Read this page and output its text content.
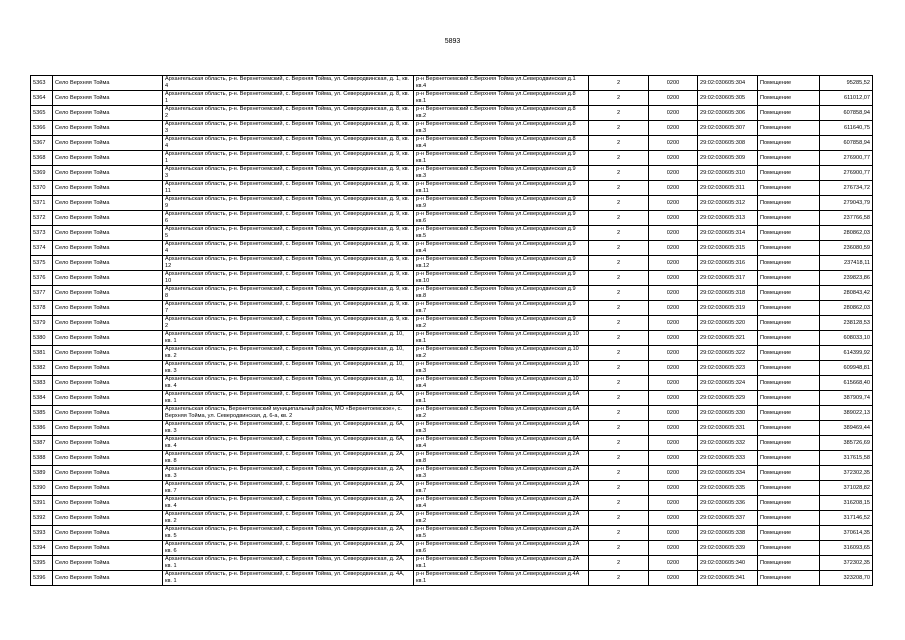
5893
5363	Село Верхняя Тойма	Архангельская область, р-н. Верхнетоемский, с. Верхняя Тойма, ул. Северодвинская, д. 1, кв. 4	р-н Верхнетоемский с.Верхняя Тойма ул.Северодвинская д.1 кв.4	2	0200	29:02:030605:304	Помещение	95285,52
5364	Село Верхняя Тойма	Архангельская область, р-н. Верхнетоемский, с. Верхняя Тойма, ул. Северодвинская, д. 8, кв. 1	р-н Верхнетоемский с.Верхняя Тойма ул.Северодвинская д.8 кв.1	2	0200	29:02:030605:305	Помещение	611012,07
5365	Село Верхняя Тойма	Архангельская область, р-н. Верхнетоемский, с. Верхняя Тойма, ул. Северодвинская, д. 8, кв. 2	р-н Верхнетоемский с.Верхняя Тойма ул.Северодвинская д.8 кв.2	2	0200	29:02:030605:306	Помещение	607858,94
5366	Село Верхняя Тойма	Архангельская область, р-н. Верхнетоемский, с. Верхняя Тойма, ул. Северодвинская, д. 8, кв. 3	р-н Верхнетоемский с.Верхняя Тойма ул.Северодвинская д.8 кв.3	2	0200	29:02:030605:307	Помещение	611640,75
5367	Село Верхняя Тойма	Архангельская область, р-н. Верхнетоемский, с. Верхняя Тойма, ул. Северодвинская, д. 8, кв. 4	р-н Верхнетоемский с.Верхняя Тойма ул.Северодвинская д.8 кв.4	2	0200	29:02:030605:308	Помещение	607858,94
5368	Село Верхняя Тойма	Архангельская область, р-н. Верхнетоемский, с. Верхняя Тойма, ул. Северодвинская, д. 9, кв. 1	р-н Верхнетоемский с.Верхняя Тойма ул.Северодвинская д.9 кв.1	2	0200	29:02:030605:309	Помещение	276900,77
5369	Село Верхняя Тойма	Архангельская область, р-н. Верхнетоемский, с. Верхняя Тойма, ул. Северодвинская, д. 9, кв. 3	р-н Верхнетоемский с.Верхняя Тойма ул.Северодвинская д.9 кв.3	2	0200	29:02:030605:310	Помещение	276900,77
5370	Село Верхняя Тойма	Архангельская область, р-н. Верхнетоемский, с. Верхняя Тойма, ул. Северодвинская, д. 9, кв. 11	р-н Верхнетоемский с.Верхняя Тойма ул.Северодвинская д.9 кв.11	2	0200	29:02:030605:311	Помещение	276734,72
5371	Село Верхняя Тойма	Архангельская область, р-н. Верхнетоемский, с. Верхняя Тойма, ул. Северодвинская, д. 9, кв. 9	р-н Верхнетоемский с.Верхняя Тойма ул.Северодвинская д.9 кв.9	2	0200	29:02:030605:312	Помещение	279043,79
5372	Село Верхняя Тойма	Архангельская область, р-н. Верхнетоемский, с. Верхняя Тойма, ул. Северодвинская, д. 9, кв. 6	р-н Верхнетоемский с.Верхняя Тойма ул.Северодвинская д.9 кв.6	2	0200	29:02:030605:313	Помещение	237766,58
5373	Село Верхняя Тойма	Архангельская область, р-н. Верхнетоемский, с. Верхняя Тойма, ул. Северодвинская, д. 9, кв. 5	р-н Верхнетоемский с.Верхняя Тойма ул.Северодвинская д.9 кв.5	2	0200	29:02:030605:314	Помещение	280862,03
5374	Село Верхняя Тойма	Архангельская область, р-н. Верхнетоемский, с. Верхняя Тойма, ул. Северодвинская, д. 9, кв. 4	р-н Верхнетоемский с.Верхняя Тойма ул.Северодвинская д.9 кв.4	2	0200	29:02:030605:315	Помещение	236080,59
5375	Село Верхняя Тойма	Архангельская область, р-н. Верхнетоемский, с. Верхняя Тойма, ул. Северодвинская, д. 9, кв. 12	р-н Верхнетоемский с.Верхняя Тойма ул.Северодвинская д.9 кв.12	2	0200	29:02:030605:316	Помещение	237418,11
5376	Село Верхняя Тойма	Архангельская область, р-н. Верхнетоемский, с. Верхняя Тойма, ул. Северодвинская, д. 9, кв. 10	р-н Верхнетоемский с.Верхняя Тойма ул.Северодвинская д.9 кв.10	2	0200	29:02:030605:317	Помещение	239823,86
5377	Село Верхняя Тойма	Архангельская область, р-н. Верхнетоемский, с. Верхняя Тойма, ул. Северодвинская, д. 9, кв. 8	р-н Верхнетоемский с.Верхняя Тойма ул.Северодвинская д.9 кв.8	2	0200	29:02:030605:318	Помещение	280843,42
5378	Село Верхняя Тойма	Архангельская область, р-н. Верхнетоемский, с. Верхняя Тойма, ул. Северодвинская, д. 9, кв. 7	р-н Верхнетоемский с.Верхняя Тойма ул.Северодвинская д.9 кв.7	2	0200	29:02:030605:319	Помещение	280862,03
5379	Село Верхняя Тойма	Архангельская область, р-н. Верхнетоемский, с. Верхняя Тойма, ул. Северодвинская, д. 9, кв. 2	р-н Верхнетоемский с.Верхняя Тойма ул.Северодвинская д.9 кв.2	2	0200	29:02:030605:320	Помещение	238128,53
5380	Село Верхняя Тойма	Архангельская область, р-н. Верхнетоемский, с. Верхняя Тойма, ул. Северодвинская, д. 10, кв. 1	р-н Верхнетоемский с.Верхняя Тойма ул.Северодвинская д.10 кв.1	2	0200	29:02:030605:321	Помещение	608033,10
5381	Село Верхняя Тойма	Архангельская область, р-н. Верхнетоемский, с. Верхняя Тойма, ул. Северодвинская, д. 10, кв. 2	р-н Верхнетоемский с.Верхняя Тойма ул.Северодвинская д.10 кв.2	2	0200	29:02:030605:322	Помещение	614399,92
5382	Село Верхняя Тойма	Архангельская область, р-н. Верхнетоемский, с. Верхняя Тойма, ул. Северодвинская, д. 10, кв. 3	р-н Верхнетоемский с.Верхняя Тойма ул.Северодвинская д.10 кв.3	2	0200	29:02:030605:323	Помещение	609948,81
5383	Село Верхняя Тойма	Архангельская область, р-н. Верхнетоемский, с. Верхняя Тойма, ул. Северодвинская, д. 10, кв. 4	р-н Верхнетоемский с.Верхняя Тойма ул.Северодвинская д.10 кв.4	2	0200	29:02:030605:324	Помещение	615668,40
5384	Село Верхняя Тойма	Архангельская область, р-н. Верхнетоемский, с. Верхняя Тойма, ул. Северодвинская, д. 6А, кв. 1	р-н Верхнетоемский с.Верхняя Тойма ул.Северодвинская д.6А кв.1	2	0200	29:02:030605:329	Помещение	387909,74
5385	Село Верхняя Тойма	Архангельская область, Верхнетоемский муниципальный район, МО «Верхнетоемское», с. Верхняя Тойма, ул. Северодвинская, д. 6-а, кв. 2	р-н Верхнетоемский с.Верхняя Тойма ул.Северодвинская д.6А кв.2	2	0200	29:02:030605:330	Помещение	389022,13
5386	Село Верхняя Тойма	Архангельская область, р-н. Верхнетоемский, с. Верхняя Тойма, ул. Северодвинская, д. 6А, кв. 3	р-н Верхнетоемский с.Верхняя Тойма ул.Северодвинская д.6А кв.3	2	0200	29:02:030605:331	Помещение	389469,44
5387	Село Верхняя Тойма	Архангельская область, р-н. Верхнетоемский, с. Верхняя Тойма, ул. Северодвинская, д. 6А, кв. 4	р-н Верхнетоемский с.Верхняя Тойма ул.Северодвинская д.6А кв.4	2	0200	29:02:030605:332	Помещение	385726,69
5388	Село Верхняя Тойма	Архангельская область, р-н. Верхнетоемский, с. Верхняя Тойма, ул. Северодвинская, д. 2А, кв. 8	р-н Верхнетоемский с.Верхняя Тойма ул.Северодвинская д.2А кв.8	2	0200	29:02:030605:333	Помещение	317615,58
5389	Село Верхняя Тойма	Архангельская область, р-н. Верхнетоемский, с. Верхняя Тойма, ул. Северодвинская, д. 2А, кв. 3	р-н Верхнетоемский с.Верхняя Тойма ул.Северодвинская д.2А кв.3	2	0200	29:02:030605:334	Помещение	372302,35
5390	Село Верхняя Тойма	Архангельская область, р-н. Верхнетоемский, с. Верхняя Тойма, ул. Северодвинская, д. 2А, кв. 7	р-н Верхнетоемский с.Верхняя Тойма ул.Северодвинская д.2А кв.7	2	0200	29:02:030605:335	Помещение	371028,82
5391	Село Верхняя Тойма	Архангельская область, р-н. Верхнетоемский, с. Верхняя Тойма, ул. Северодвинская, д. 2А, кв. 4	р-н Верхнетоемский с.Верхняя Тойма ул.Северодвинская д.2А кв.4	2	0200	29:02:030605:336	Помещение	316208,15
5392	Село Верхняя Тойма	Архангельская область, р-н. Верхнетоемский, с. Верхняя Тойма, ул. Северодвинская, д. 2А, кв. 2	р-н Верхнетоемский с.Верхняя Тойма ул.Северодвинская д.2А кв.2	2	0200	29:02:030605:337	Помещение	317146,52
5393	Село Верхняя Тойма	Архангельская область, р-н. Верхнетоемский, с. Верхняя Тойма, ул. Северодвинская, д. 2А, кв. 5	р-н Верхнетоемский с.Верхняя Тойма ул.Северодвинская д.2А кв.5	2	0200	29:02:030605:338	Помещение	370614,35
5394	Село Верхняя Тойма	Архангельская область, р-н. Верхнетоемский, с. Верхняя Тойма, ул. Северодвинская, д. 2А, кв. 6	р-н Верхнетоемский с.Верхняя Тойма ул.Северодвинская д.2А кв.6	2	0200	29:02:030605:339	Помещение	316093,65
5395	Село Верхняя Тойма	Архангельская область, р-н. Верхнетоемский, с. Верхняя Тойма, ул. Северодвинская, д. 2А, кв. 1	р-н Верхнетоемский с.Верхняя Тойма ул.Северодвинская д.2А кв.1	2	0200	29:02:030605:340	Помещение	372302,35
5396	Село Верхняя Тойма	Архангельская область, р-н. Верхнетоемский, с. Верхняя Тойма, ул. Северодвинская, д. 4А, кв. 1	р-н Верхнетоемский с.Верхняя Тойма ул.Северодвинская д.4А кв.1	2	0200	29:02:030605:341	Помещение	323208,70
